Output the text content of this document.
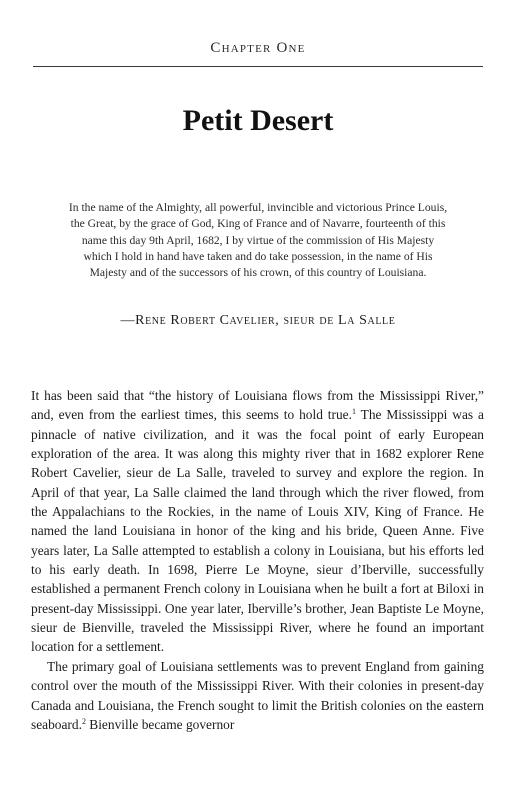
Chapter One
Petit Desert
In the name of the Almighty, all powerful, invincible and victorious Prince Louis, the Great, by the grace of God, King of France and of Navarre, fourteenth of this name this day 9th April, 1682, I by virtue of the commission of His Majesty which I hold in hand have taken and do take possession, in the name of His Majesty and of the successors of his crown, of this country of Louisiana.
—Rene Robert Cavelier, sieur de La Salle

It has been said that “the history of Louisiana flows from the Mississippi River,” and, even from the earliest times, this seems to hold true.$^1$ The Mississippi was a pinnacle of native civilization, and it was the focal point of early European exploration of the area. It was along this mighty river that in 1682 explorer Rene Robert Cavelier, sieur de La Salle, traveled to survey and explore the region. In April of that year, La Salle claimed the land through which the river flowed, from the Appalachians to the Rockies, in the name of Louis XIV, King of France. He named the land Louisiana in honor of the king and his bride, Queen Anne. Five years later, La Salle attempted to establish a colony in Louisiana, but his efforts led to his early death. In 1698, Pierre Le Moyne, sieur d’Iberville, successfully established a permanent French colony in Louisiana when he built a fort at Biloxi in present-day Mississippi. One year later, Iberville’s brother, Jean Baptiste Le Moyne, sieur de Bienville, traveled the Mississippi River, where he found an important location for a settlement.

The primary goal of Louisiana settlements was to prevent England from gaining control over the mouth of the Mississippi River. With their colonies in present-day Canada and Louisiana, the French sought to limit the British colonies on the eastern seaboard.$^2$ Bienville became governor
